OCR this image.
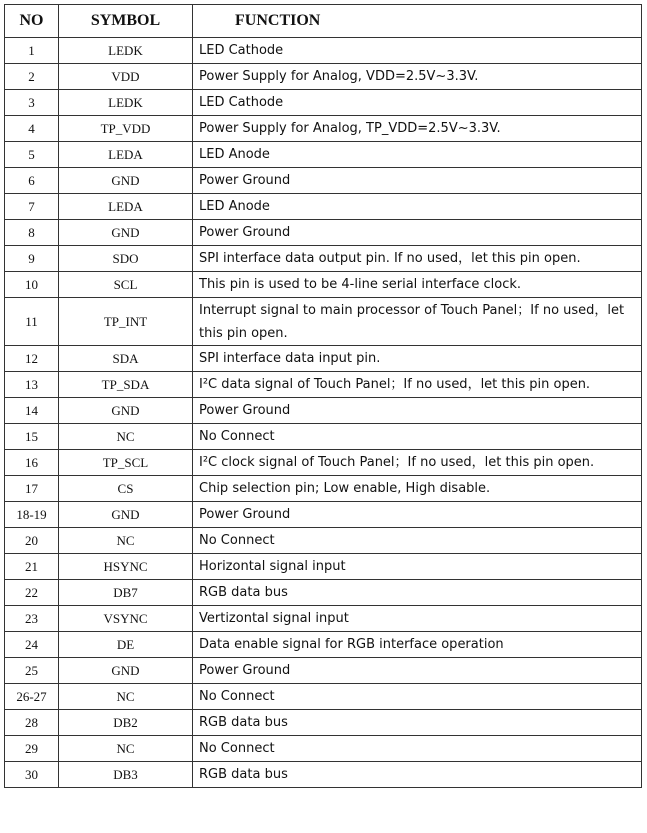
NO	SYMBOL	FUNCTION
1	LEDK	LED Cathode
2	VDD	Power Supply for Analog, VDD=2.5V~3.3V.
3	LEDK	LED Cathode
4	TP_VDD	Power Supply for Analog, TP_VDD=2.5V~3.3V.
5	LEDA	LED Anode
6	GND	Power Ground
7	LEDA	LED Anode
8	GND	Power Ground
9	SDO	SPI interface data output pin. If no used，let this pin open.
10	SCL	This pin is used to be 4-line serial interface clock.
11	TP_INT	Interrupt signal to main processor of Touch Panel；If no used，let this pin open.
12	SDA	SPI interface data input pin.
13	TP_SDA	I²C data signal of Touch Panel；If no used，let this pin open.
14	GND	Power Ground
15	NC	No Connect
16	TP_SCL	I²C clock signal of Touch Panel；If no used，let this pin open.
17	CS	Chip selection pin; Low enable, High disable.
18-19	GND	Power Ground
20	NC	No Connect
21	HSYNC	Horizontal signal input
22	DB7	RGB data bus
23	VSYNC	Vertizontal signal input
24	DE	Data enable signal for RGB interface operation
25	GND	Power Ground
26-27	NC	No Connect
28	DB2	RGB data bus
29	NC	No Connect
30	DB3	RGB data bus
